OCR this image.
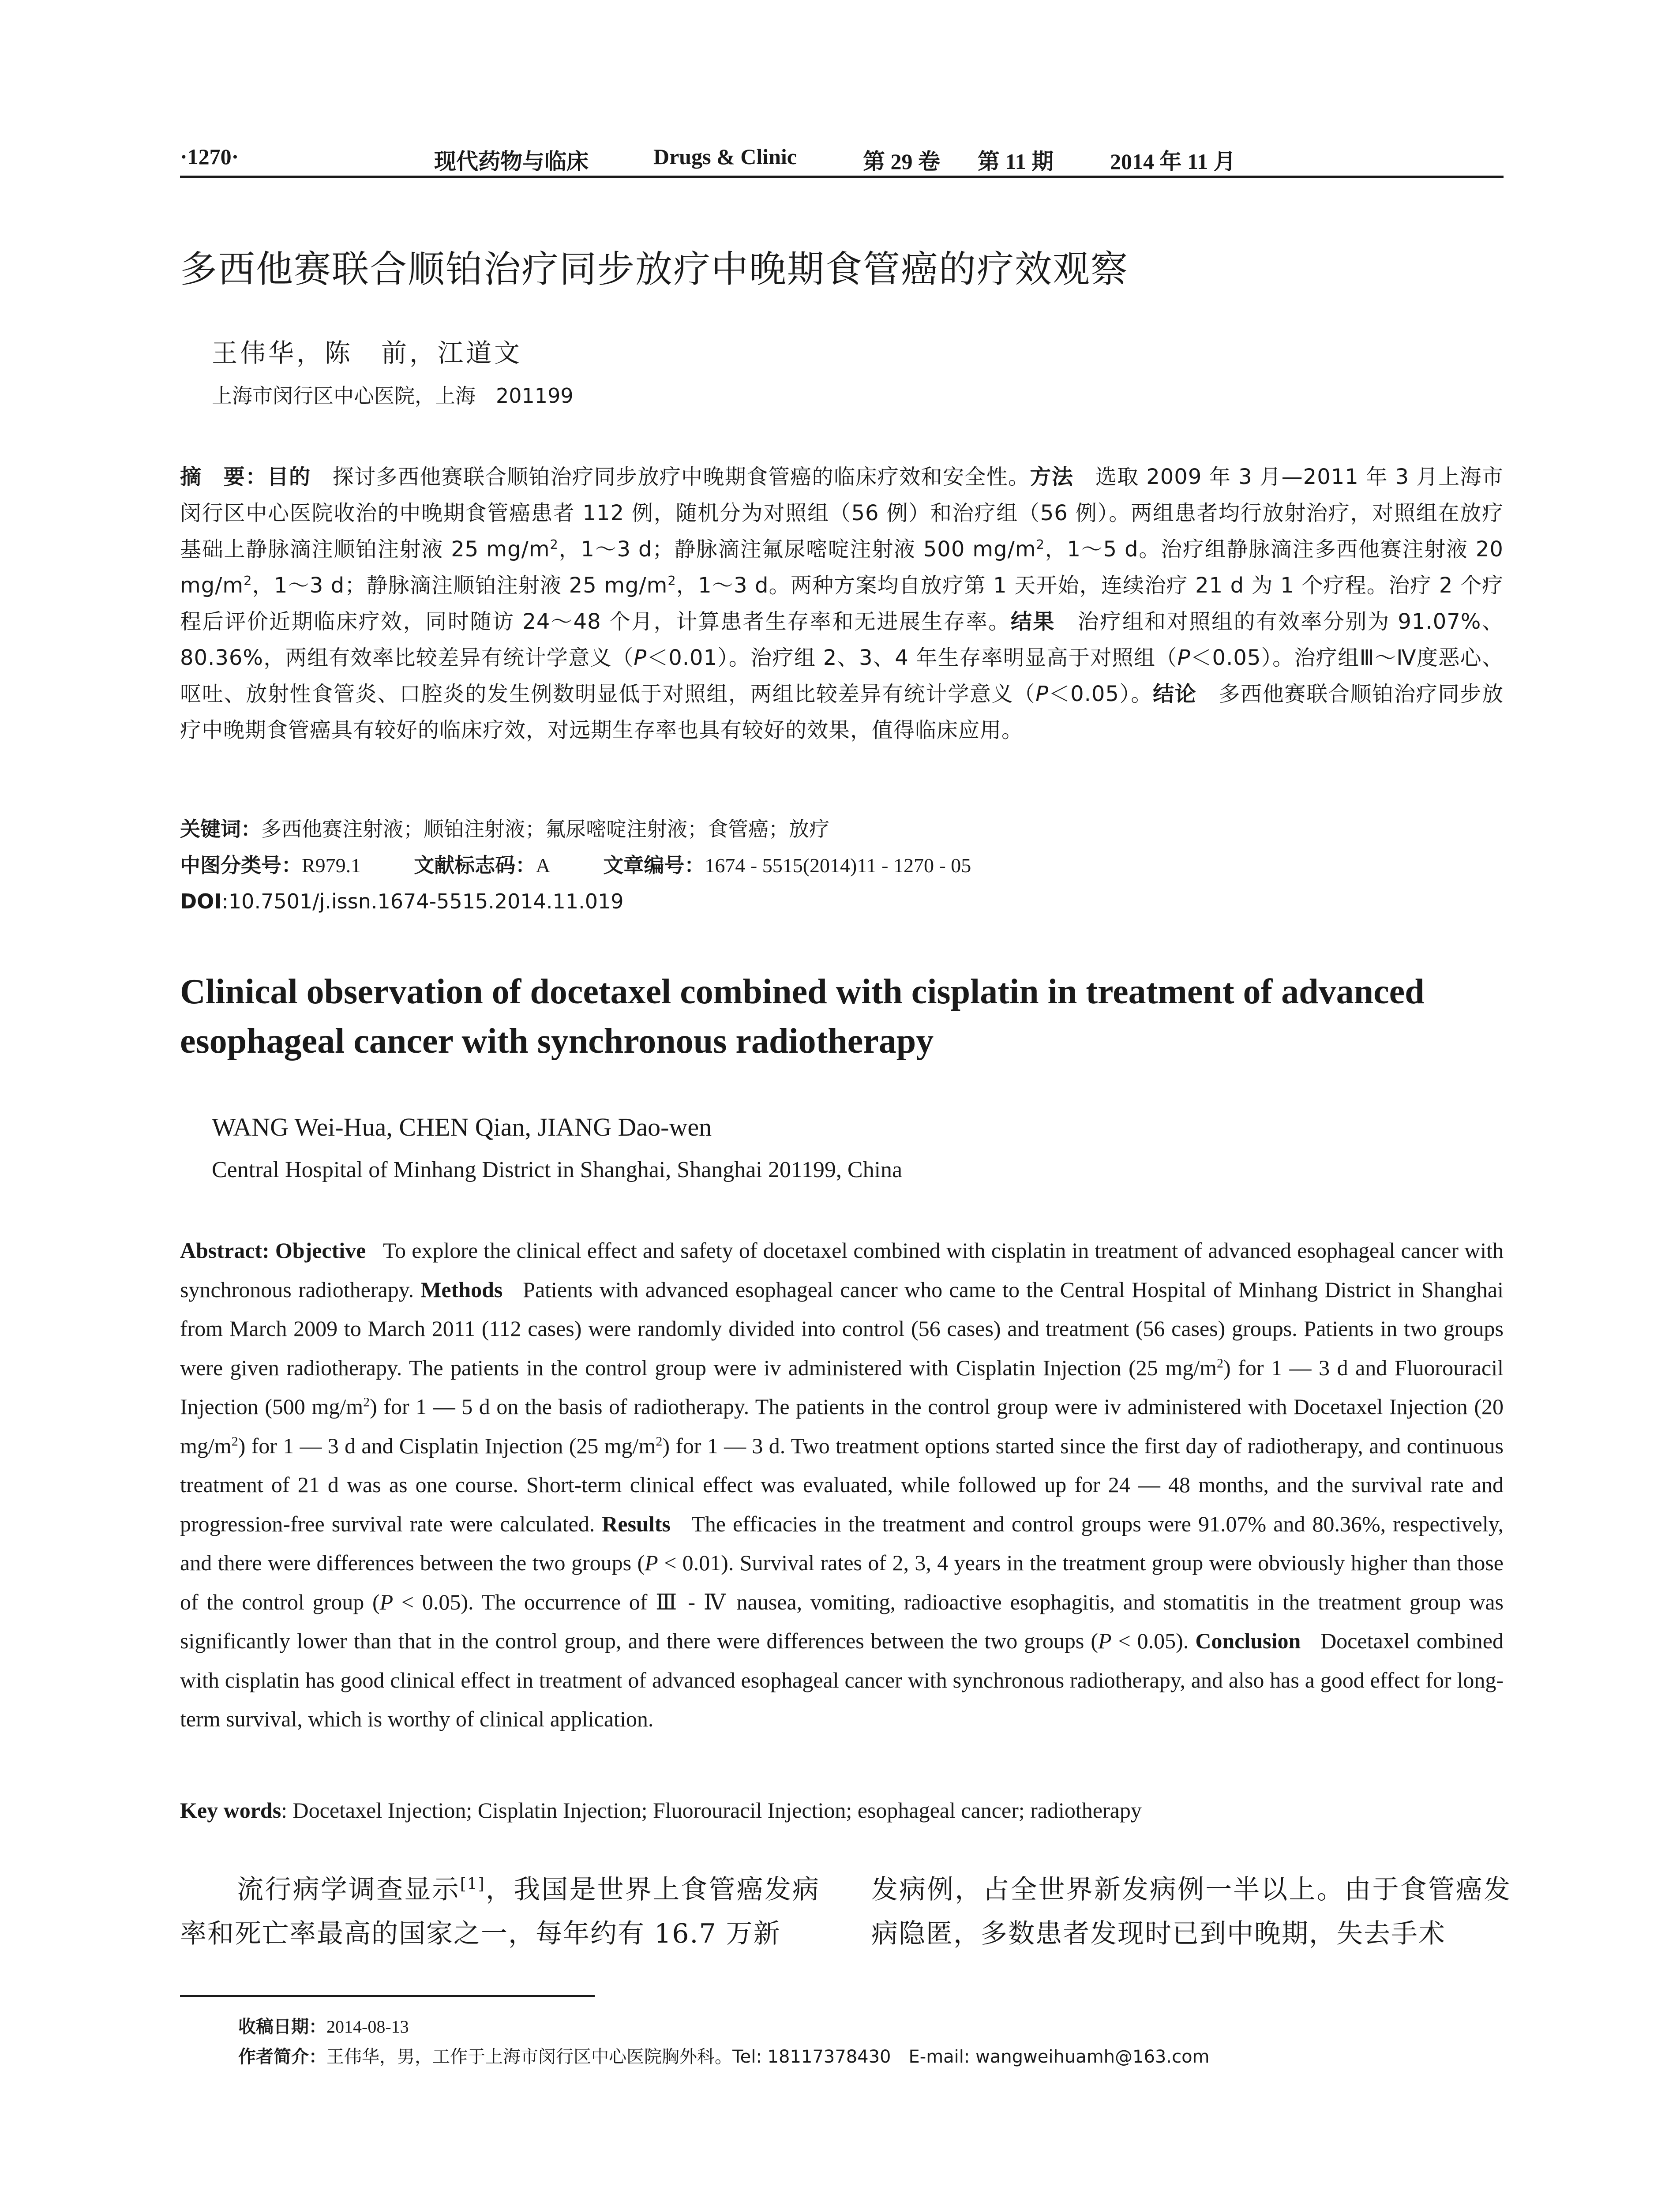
·1270·	现代药物与临床	Drugs & Clinic	第 29 卷 第 11 期	2014 年 11 月
多西他赛联合顺铂治疗同步放疗中晚期食管癌的疗效观察
王伟华，陈　前，江道文
上海市闵行区中心医院，上海　201199
摘　要：目的　 探讨多西他赛联合顺铂治疗同步放疗中晚期食管癌的临床疗效和安全性。方法　 选取 2009 年 3 月—2011 年 3 月上海市闵行区中心医院收治的中晚期食管癌患者 112 例，随机分为对照组（56 例）和治疗组（56 例）。两组患者均行放射治疗，对照组在放疗基础上静脉滴注顺铂注射液 25 $mg/m^2$，1～3 d；静脉滴注氟尿嘧啶注射液 500 $mg/m^2$，1～5 d。治疗组静脉滴注多西他赛注射液 20 $mg/m^2$，1～3 d；静脉滴注顺铂注射液 25 $mg/m^2$，1～3 d。两种方案均自放疗第 1 天开始，连续治疗 21 d 为 1 个疗程。治疗 2 个疗程后评价近期临床疗效，同时随访 24～48 个月，计算患者生存率和无进展生存率。结果　 治疗组和对照组的有效率分别为 91.07%、80.36%，两组有效率比较差异有统计学意义（P＜0.01）。治疗组 2、3、4 年生存率明显高于对照组（P＜0.05）。治疗组Ⅲ～Ⅳ度恶心、呕吐、放射性食管炎、口腔炎的发生例数明显低于对照组，两组比较差异有统计学意义（P＜0.05）。结论　 多西他赛联合顺铂治疗同步放疗中晚期食管癌具有较好的临床疗效，对远期生存率也具有较好的效果，值得临床应用。
关键词：多西他赛注射液；顺铂注射液；氟尿嘧啶注射液；食管癌；放疗
中图分类号：R979.1	文献标志码：A	文章编号：1674 - 5515(2014)11 - 1270 - 05
DOI:10.7501/j.issn.1674-5515.2014.11.019
Clinical observation of docetaxel combined with cisplatin in treatment of advanced esophageal cancer with synchronous radiotherapy
WANG Wei-Hua, CHEN Qian, JIANG Dao-wen
Central Hospital of Minhang District in Shanghai, Shanghai 201199, China
Abstract: Objective To explore the clinical effect and safety of docetaxel combined with cisplatin in treatment of advanced esophageal cancer with synchronous radiotherapy. Methods Patients with advanced esophageal cancer who came to the Central Hospital of Minhang District in Shanghai from March 2009 to March 2011 (112 cases) were randomly divided into control (56 cases) and treatment (56 cases) groups. Patients in two groups were given radiotherapy. The patients in the control group were iv administered with Cisplatin Injection (25 $mg/m^2$) for 1 — 3 d and Fluorouracil Injection (500 $mg/m^2$) for 1 — 5 d on the basis of radiotherapy. The patients in the control group were iv administered with Docetaxel Injection (20 $mg/m^2$) for 1 — 3 d and Cisplatin Injection (25 $mg/m^2$) for 1 — 3 d. Two treatment options started since the first day of radiotherapy, and continuous treatment of 21 d was as one course. Short-term clinical effect was evaluated, while followed up for 24 — 48 months, and the survival rate and progression-free survival rate were calculated. Results The efficacies in the treatment and control groups were 91.07% and 80.36%, respectively, and there were differences between the two groups (P < 0.01). Survival rates of 2, 3, 4 years in the treatment group were obviously higher than those of the control group (P < 0.05). The occurrence of Ⅲ - Ⅳ nausea, vomiting, radioactive esophagitis, and stomatitis in the treatment group was significantly lower than that in the control group, and there were differences between the two groups (P < 0.05). Conclusion Docetaxel combined with cisplatin has good clinical effect in treatment of advanced esophageal cancer with synchronous radiotherapy, and also has a good effect for long-term survival, which is worthy of clinical application.
Key words: Docetaxel Injection; Cisplatin Injection; Fluorouracil Injection; esophageal cancer; radiotherapy
流行病学调查显示[1]，我国是世界上食管癌发病率和死亡率最高的国家之一，每年约有 16.7 万新
发病例，占全世界新发病例一半以上。由于食管癌发病隐匿，多数患者发现时已到中晚期，失去手术
收稿日期：2014-08-13
作者简介：王伟华，男，工作于上海市闵行区中心医院胸外科。Tel: 18117378430　E-mail: wangweihuamh@163.com
